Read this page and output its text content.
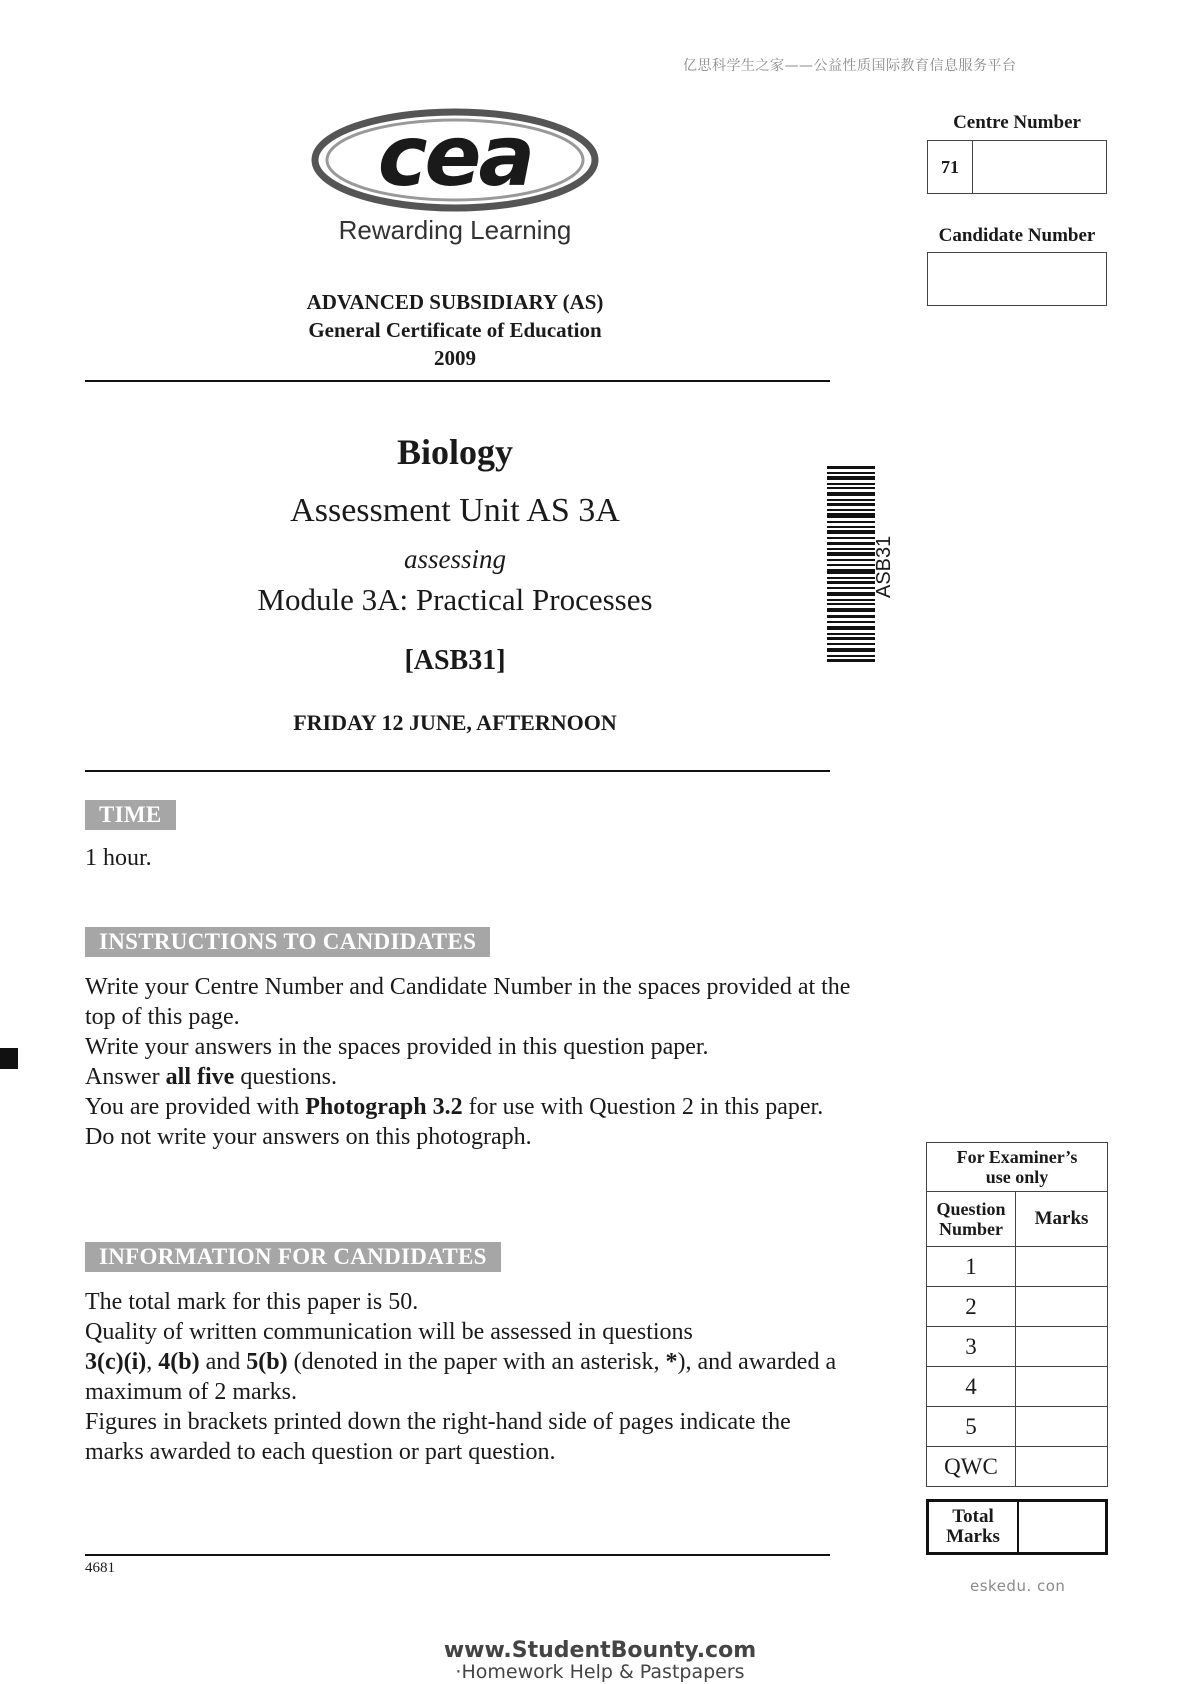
亿思科学生之家——公益性质国际教育信息服务平台
cea
Rewarding Learning
ADVANCED SUBSIDIARY (AS)
General Certificate of Education
2009
Biology
Assessment Unit AS 3A
assessing
Module 3A: Practical Processes
[ASB31]
FRIDAY 12 JUNE, AFTERNOON
ASB31
Centre Number
71
Candidate Number
TIME
1 hour.
INSTRUCTIONS TO CANDIDATES

Write your Centre Number and Candidate Number in the spaces provided at the top of this page.

Write your answers in the spaces provided in this question paper.

Answer all five questions.

You are provided with Photograph 3.2 for use with Question 2 in this paper.

Do not write your answers on this photograph.

INFORMATION FOR CANDIDATES

The total mark for this paper is 50.

Quality of written communication will be assessed in questions

3(c)(i), 4(b) and 5(b) (denoted in the paper with an asterisk, *), and awarded a maximum of 2 marks.

Figures in brackets printed down the right-hand side of pages indicate the marks awarded to each question or part question.

For Examiner’s
use only	

Question
Number	Marks
1	
2	
3	
4	
5	
QWC	
Total
Marks

4681
eskedu. con
www.StudentBounty.com
·Homework Help & Pastpapers
